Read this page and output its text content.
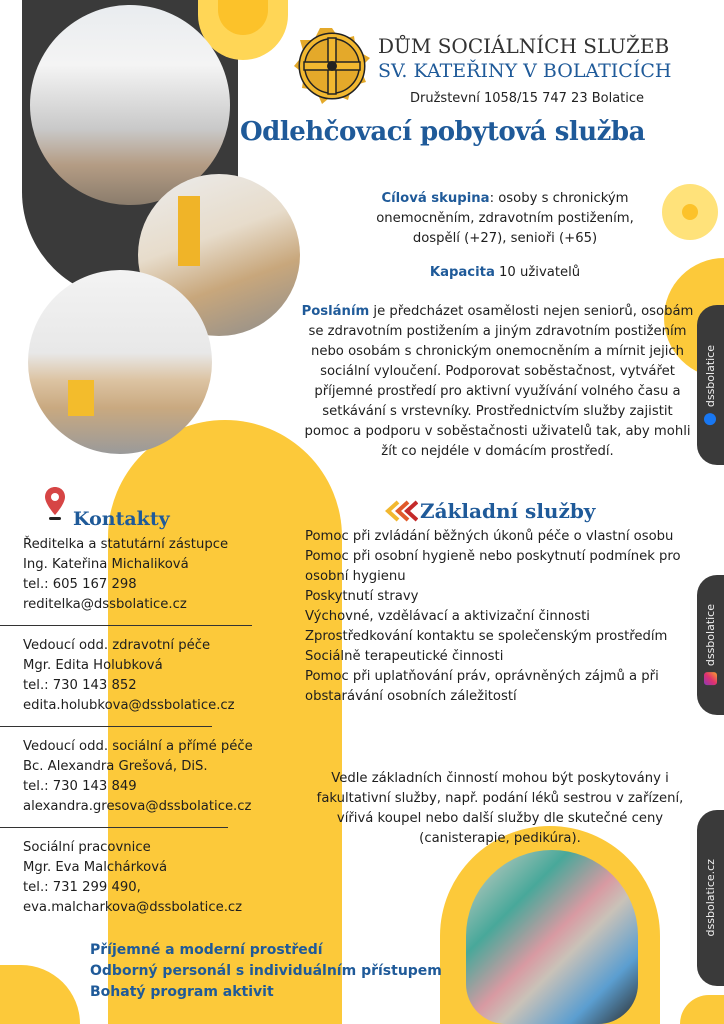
DŮM SOCIÁLNÍCH SLUŽEB
SV. KATEŘINY V BOLATICÍCH
Družstevní 1058/15 747 23 Bolatice
Odlehčovací pobytová služba
Cílová skupina: osoby s chronickým onemocněním, zdravotním postižením, dospělí (+27), senioři (+65)
Kapacita 10 uživatelů
Posláním je předcházet osamělosti nejen seniorů, osobám se zdravotním postižením a jiným zdravotním postižením nebo osobám s chronickým onemocněním a mírnit jejich sociální vyloučení. Podporovat soběstačnost, vytvářet příjemné prostředí pro aktivní využívání volného času a setkávání s vrstevníky. Prostřednictvím služby zajistit pomoc a podporu v soběstačnosti uživatelů tak, aby mohli žít co nejdéle v domácím prostředí.
Základní služby
Pomoc při zvládání běžných úkonů péče o vlastní osobu
Pomoc při osobní hygieně nebo poskytnutí podmínek pro osobní hygienu
Poskytnutí stravy
Výchovné, vzdělávací a aktivizační činnosti
Zprostředkování kontaktu se společenským prostředím
Sociálně terapeutické činnosti
Pomoc při uplatňování práv, oprávněných zájmů a při obstarávání osobních záležitostí
Vedle základních činností mohou být poskytovány i fakultativní služby, např. podání léků sestrou v zařízení, vířivá koupel nebo další služby dle skutečné ceny (canisterapie, pedikúra).
Kontakty
Ředitelka a statutární zástupce
Ing. Kateřina Michaliková
tel.: 605 167 298
reditelka@dssbolatice.cz
Vedoucí odd. zdravotní péče
Mgr. Edita Holubková
tel.: 730 143 852
edita.holubkova@dssbolatice.cz
Vedoucí odd. sociální a přímé péče
Bc. Alexandra Grešová, DiS.
tel.: 730 143 849
alexandra.gresova@dssbolatice.cz
Sociální pracovnice
Mgr. Eva Malchárková
tel.: 731 299 490,
eva.malcharkova@dssbolatice.cz
Příjemné a moderní prostředí
Odborný personál s individuálním přístupem
Bohatý program aktivit
dssbolatice
dssbolatice
dssbolatice.cz
